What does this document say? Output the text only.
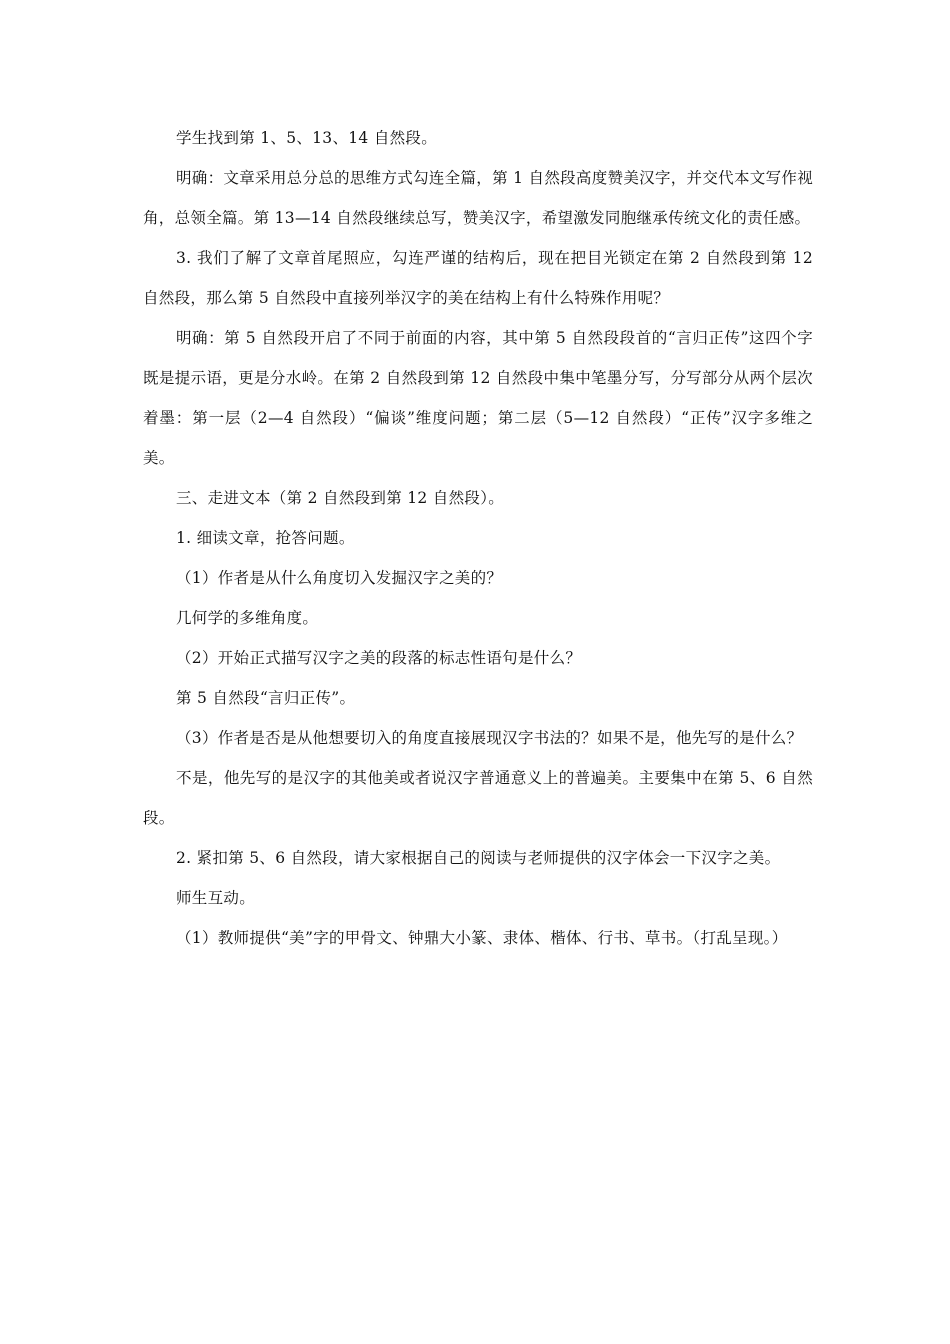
学生找到第 1、5、13、14 自然段。

明确：文章采用总分总的思维方式勾连全篇，第 1 自然段高度赞美汉字，并交代本文写作视角，总领全篇。第 13—14 自然段继续总写，赞美汉字，希望激发同胞继承传统文化的责任感。

3. 我们了解了文章首尾照应，勾连严谨的结构后，现在把目光锁定在第 2 自然段到第 12 自然段，那么第 5 自然段中直接列举汉字的美在结构上有什么特殊作用呢？

明确：第 5 自然段开启了不同于前面的内容，其中第 5 自然段段首的“言归正传”这四个字既是提示语，更是分水岭。在第 2 自然段到第 12 自然段中集中笔墨分写，分写部分从两个层次着墨：第一层（2—4 自然段）“偏谈”维度问题；第二层（5—12 自然段）“正传”汉字多维之美。

三、走进文本（第 2 自然段到第 12 自然段）。

1. 细读文章，抢答问题。

（1）作者是从什么角度切入发掘汉字之美的？

几何学的多维角度。

（2）开始正式描写汉字之美的段落的标志性语句是什么？

第 5 自然段“言归正传”。

（3）作者是否是从他想要切入的角度直接展现汉字书法的？如果不是，他先写的是什么？

不是，他先写的是汉字的其他美或者说汉字普通意义上的普遍美。主要集中在第 5、6 自然段。

2. 紧扣第 5、6 自然段，请大家根据自己的阅读与老师提供的汉字体会一下汉字之美。

师生互动。

（1）教师提供“美”字的甲骨文、钟鼎大小篆、隶体、楷体、行书、草书。（打乱呈现。）
